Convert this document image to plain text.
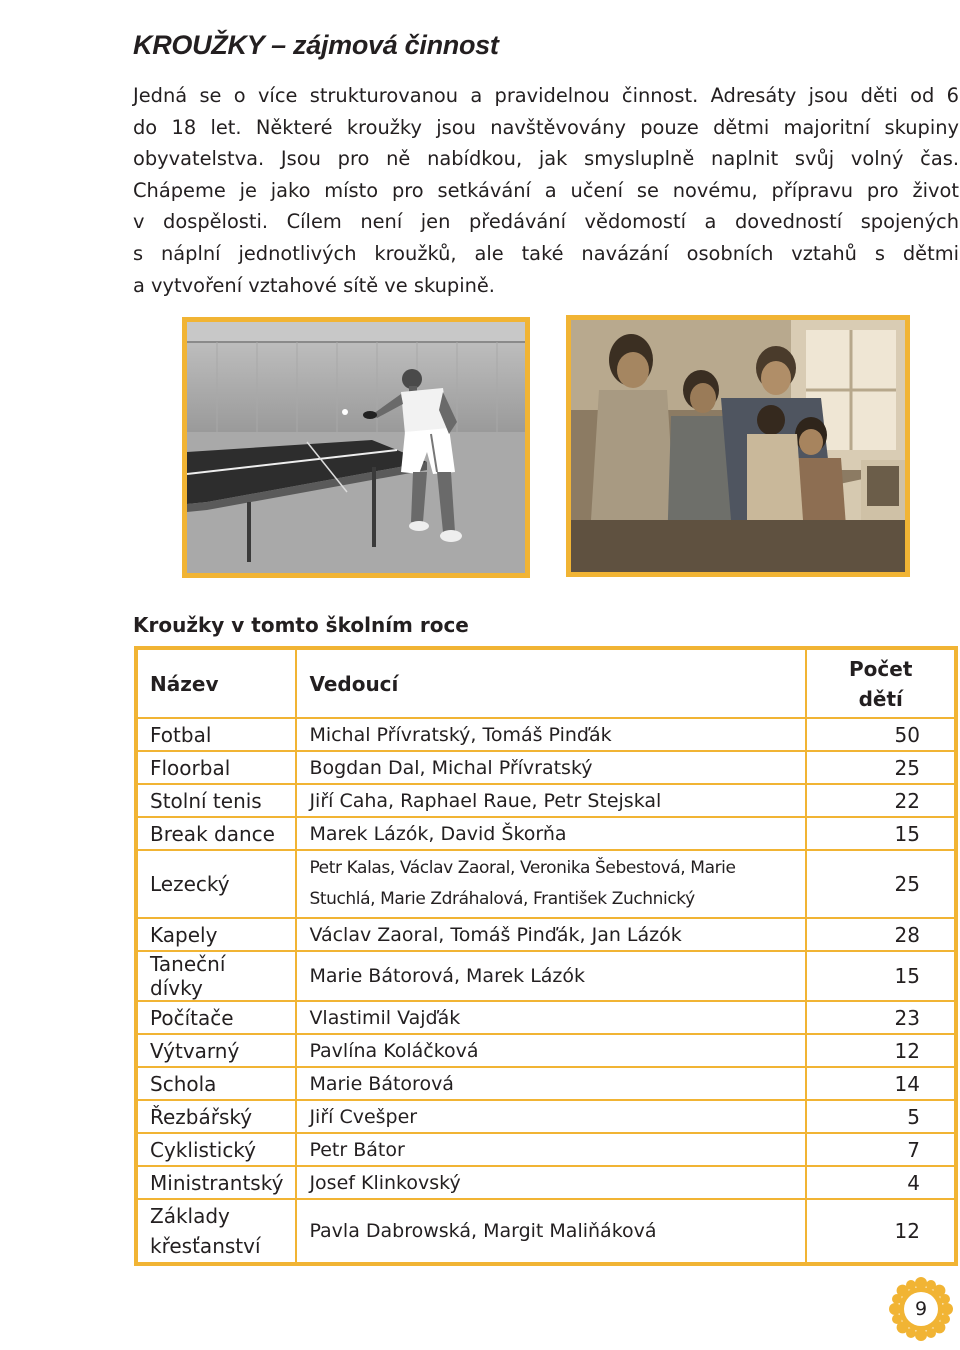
KROUŽKY – zájmová činnost
Jedná se o více strukturovanou a pravidelnou činnost. Adresáty jsou děti od 6
do 18 let. Některé kroužky jsou navštěvovány pouze dětmi majoritní skupiny
obyvatelstva. Jsou pro ně nabídkou, jak smysluplně naplnit svůj volný čas.
Chápeme je jako místo pro setkávání a učení se novému, přípravu pro život
v dospělosti. Cílem není jen předávání vědomostí a dovedností spojených
s náplní jednotlivých kroužků, ale také navázání osobních vztahů s dětmi
a vytvoření vztahové sítě ve skupině.
Kroužky v tomto školním roce
Název	Vedoucí	Počet
dětí

Fotbal	Michal Přívratský, Tomáš Pinďák	50
Floorbal	Bogdan Dal, Michal Přívratský	25
Stolní tenis	Jiří Caha, Raphael Raue, Petr Stejskal	22
Break dance	Marek Lázók, David Škorňa	15
Lezecký	Petr Kalas, Václav Zaoral, Veronika Šebestová, Marie
Stuchlá, Marie Zdráhalová, František Zuchnický	25
Kapely	Václav Zaoral, Tomáš Pinďák, Jan Lázók	28
Taneční dívky	Marie Bátorová, Marek Lázók	15
Počítače	Vlastimil Vajďák	23
Výtvarný	Pavlína Koláčková	12
Schola	Marie Bátorová	14
Řezbářský	Jiří Cvešper	5
Cyklistický	Petr Bátor	7
Ministrantský	Josef Klinkovský	4

Základy
křesťanství	Pavla Dabrowská, Margit Maliňáková	12
9
